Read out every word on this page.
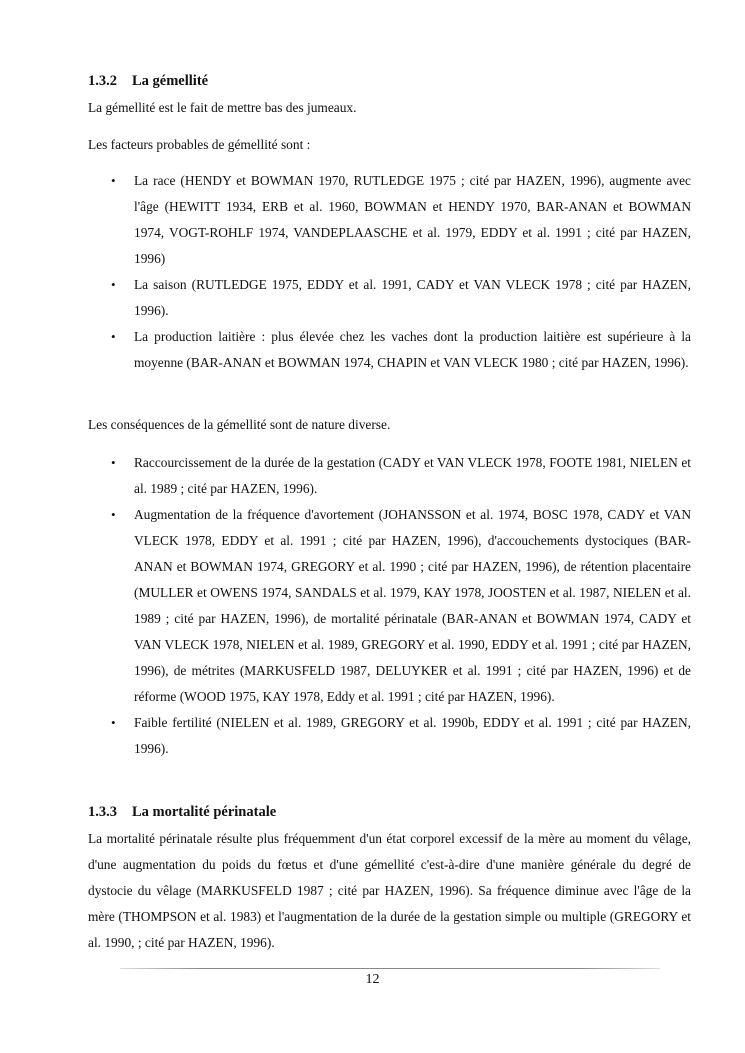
1.3.2 La gémellité

La gémellité est le fait de mettre bas des jumeaux.

Les facteurs probables de gémellité sont :

• La race (HENDY et BOWMAN 1970, RUTLEDGE 1975 ; cité par HAZEN, 1996), augmente avec l'âge (HEWITT 1934, ERB et al. 1960, BOWMAN et HENDY 1970, BAR-ANAN et BOWMAN 1974, VOGT-ROHLF 1974, VANDEPLAASCHE et al. 1979, EDDY et al. 1991 ; cité par HAZEN, 1996)
• La saison (RUTLEDGE 1975, EDDY et al. 1991, CADY et VAN VLECK 1978 ; cité par HAZEN, 1996).
• La production laitière : plus élevée chez les vaches dont la production laitière est supérieure à la moyenne (BAR-ANAN et BOWMAN 1974, CHAPIN et VAN VLECK 1980 ; cité par HAZEN, 1996).

Les conséquences de la gémellité sont de nature diverse.

• Raccourcissement de la durée de la gestation (CADY et VAN VLECK 1978, FOOTE 1981, NIELEN et al. 1989 ; cité par HAZEN, 1996).
• Augmentation de la fréquence d'avortement (JOHANSSON et al. 1974, BOSC 1978, CADY et VAN VLECK 1978, EDDY et al. 1991 ; cité par HAZEN, 1996), d'accouchements dystociques (BAR-ANAN et BOWMAN 1974, GREGORY et al. 1990 ; cité par HAZEN, 1996), de rétention placentaire (MULLER et OWENS 1974, SANDALS et al. 1979, KAY 1978, JOOSTEN et al. 1987, NIELEN et al. 1989 ; cité par HAZEN, 1996), de mortalité périnatale (BAR-ANAN et BOWMAN 1974, CADY et VAN VLECK 1978, NIELEN et al. 1989, GREGORY et al. 1990, EDDY et al. 1991 ; cité par HAZEN, 1996), de métrites (MARKUSFELD 1987, DELUYKER et al. 1991 ; cité par HAZEN, 1996) et de réforme (WOOD 1975, KAY 1978, Eddy et al. 1991 ; cité par HAZEN, 1996).
• Faible fertilité (NIELEN et al. 1989, GREGORY et al. 1990b, EDDY et al. 1991 ; cité par HAZEN, 1996).
1.3.3 La mortalité périnatale

La mortalité périnatale résulte plus fréquemment d'un état corporel excessif de la mère au moment du vêlage, d'une augmentation du poids du fœtus et d'une gémellité c'est-à-dire d'une manière générale du degré de dystocie du vêlage (MARKUSFELD 1987 ; cité par HAZEN, 1996). Sa fréquence diminue avec l'âge de la mère (THOMPSON et al. 1983) et l'augmentation de la durée de la gestation simple ou multiple (GREGORY et al. 1990, ; cité par HAZEN, 1996).

12
